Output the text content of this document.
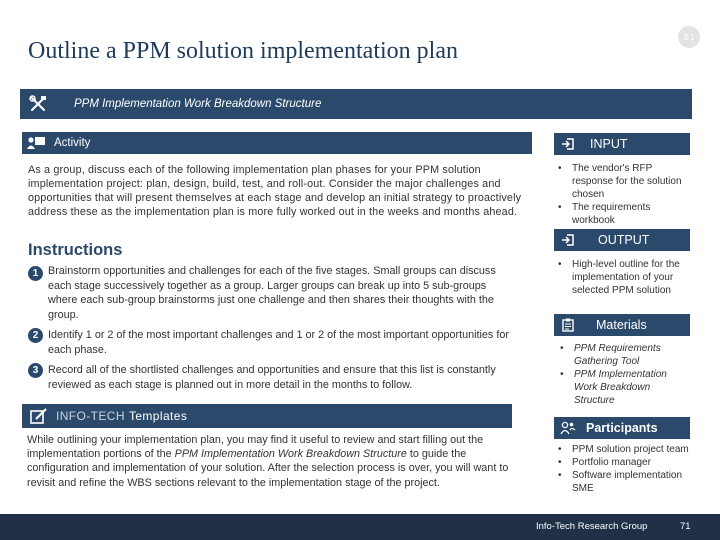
3.1
Outline a PPM solution implementation plan
PPM Implementation Work Breakdown Structure
Activity
As a group, discuss each of the following implementation plan phases for your PPM solution implementation project: plan, design, build, test, and roll-out. Consider the major challenges and opportunities that will present themselves at each stage and develop an initial strategy to proactively address these as the implementation plan is more fully worked out in the weeks and months ahead.
Instructions
1 Brainstorm opportunities and challenges for each of the five stages. Small groups can discuss each stage successively together as a group. Larger groups can break up into 5 sub-groups where each sub-group brainstorms just one challenge and then shares their thoughts with the group.
2 Identify 1 or 2 of the most important challenges and 1 or 2 of the most important opportunities for each phase.
3 Record all of the shortlisted challenges and opportunities and ensure that this list is constantly reviewed as each stage is planned out in more detail in the months to follow.
INFO-TECH Templates
While outlining your implementation plan, you may find it useful to review and start filling out the implementation portions of the PPM Implementation Work Breakdown Structure to guide the configuration and implementation of your solution. After the selection process is over, you will want to revisit and refine the WBS sections relevant to the implementation stage of the project.
INPUT
• The vendor's RFP response for the solution chosen
• The requirements workbook
OUTPUT
• High-level outline for the implementation of your selected PPM solution
Materials
• PPM Requirements Gathering Tool
• PPM Implementation Work Breakdown Structure
Participants
• PPM solution project team
• Portfolio manager
• Software implementation SME
Info-Tech Research Group	71
